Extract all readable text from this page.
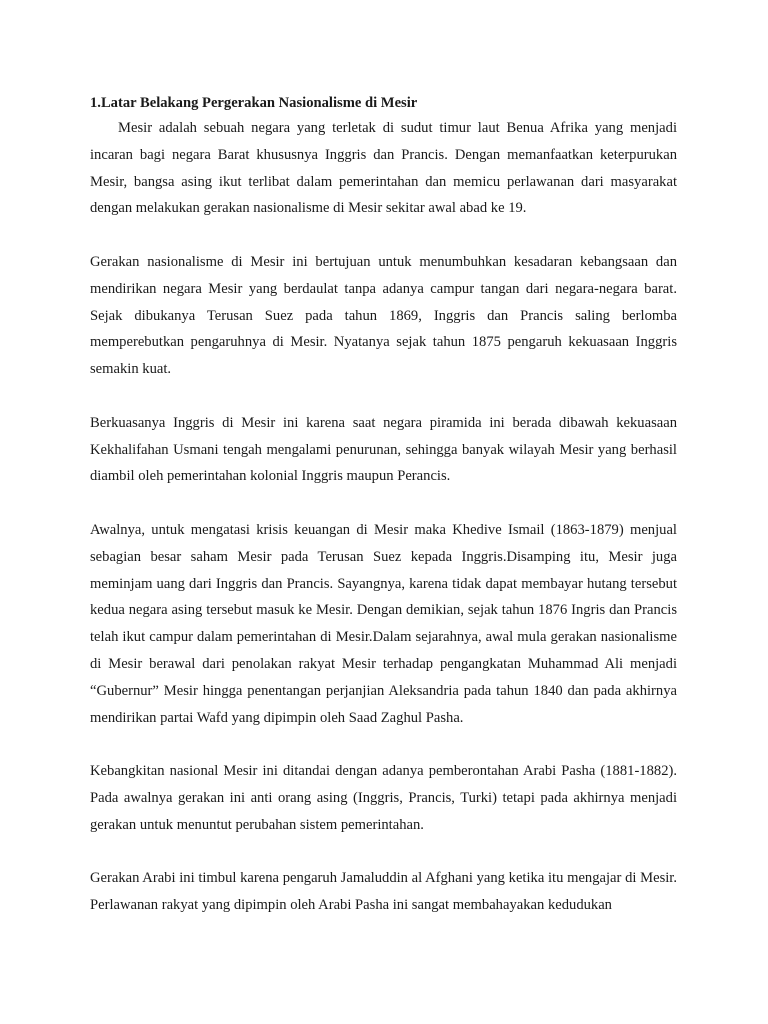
1.Latar Belakang Pergerakan Nasionalisme di Mesir

Mesir adalah sebuah negara yang terletak di sudut timur laut Benua Afrika yang menjadi incaran bagi negara Barat khususnya Inggris dan Prancis. Dengan memanfaatkan keterpurukan Mesir, bangsa asing ikut terlibat dalam pemerintahan dan memicu perlawanan dari masyarakat dengan melakukan gerakan nasionalisme di Mesir sekitar awal abad ke 19.

Gerakan nasionalisme di Mesir ini bertujuan untuk menumbuhkan kesadaran kebangsaan dan mendirikan negara Mesir yang berdaulat tanpa adanya campur tangan dari negara-negara barat. Sejak dibukanya Terusan Suez pada tahun 1869, Inggris dan Prancis saling berlomba memperebutkan pengaruhnya di Mesir. Nyatanya sejak tahun 1875 pengaruh kekuasaan Inggris semakin kuat.

Berkuasanya Inggris di Mesir ini karena saat negara piramida ini berada dibawah kekuasaan Kekhalifahan Usmani tengah mengalami penurunan, sehingga banyak wilayah Mesir yang berhasil diambil oleh pemerintahan kolonial Inggris maupun Perancis.

Awalnya, untuk mengatasi krisis keuangan di Mesir maka Khedive Ismail (1863-1879) menjual sebagian besar saham Mesir pada Terusan Suez kepada Inggris.Disamping itu, Mesir juga meminjam uang dari Inggris dan Prancis. Sayangnya, karena tidak dapat membayar hutang tersebut kedua negara asing tersebut masuk ke Mesir. Dengan demikian, sejak tahun 1876 Ingris dan Prancis telah ikut campur dalam pemerintahan di Mesir.Dalam sejarahnya, awal mula gerakan nasionalisme di Mesir berawal dari penolakan rakyat Mesir terhadap pengangkatan Muhammad Ali menjadi “Gubernur” Mesir hingga penentangan perjanjian Aleksandria pada tahun 1840 dan pada akhirnya mendirikan partai Wafd yang dipimpin oleh Saad Zaghul Pasha.

Kebangkitan nasional Mesir ini ditandai dengan adanya pemberontahan Arabi Pasha (1881-1882). Pada awalnya gerakan ini anti orang asing (Inggris, Prancis, Turki) tetapi pada akhirnya menjadi gerakan untuk menuntut perubahan sistem pemerintahan.

Gerakan Arabi ini timbul karena pengaruh Jamaluddin al Afghani yang ketika itu mengajar di Mesir. Perlawanan rakyat yang dipimpin oleh Arabi Pasha ini sangat membahayakan kedudukan
